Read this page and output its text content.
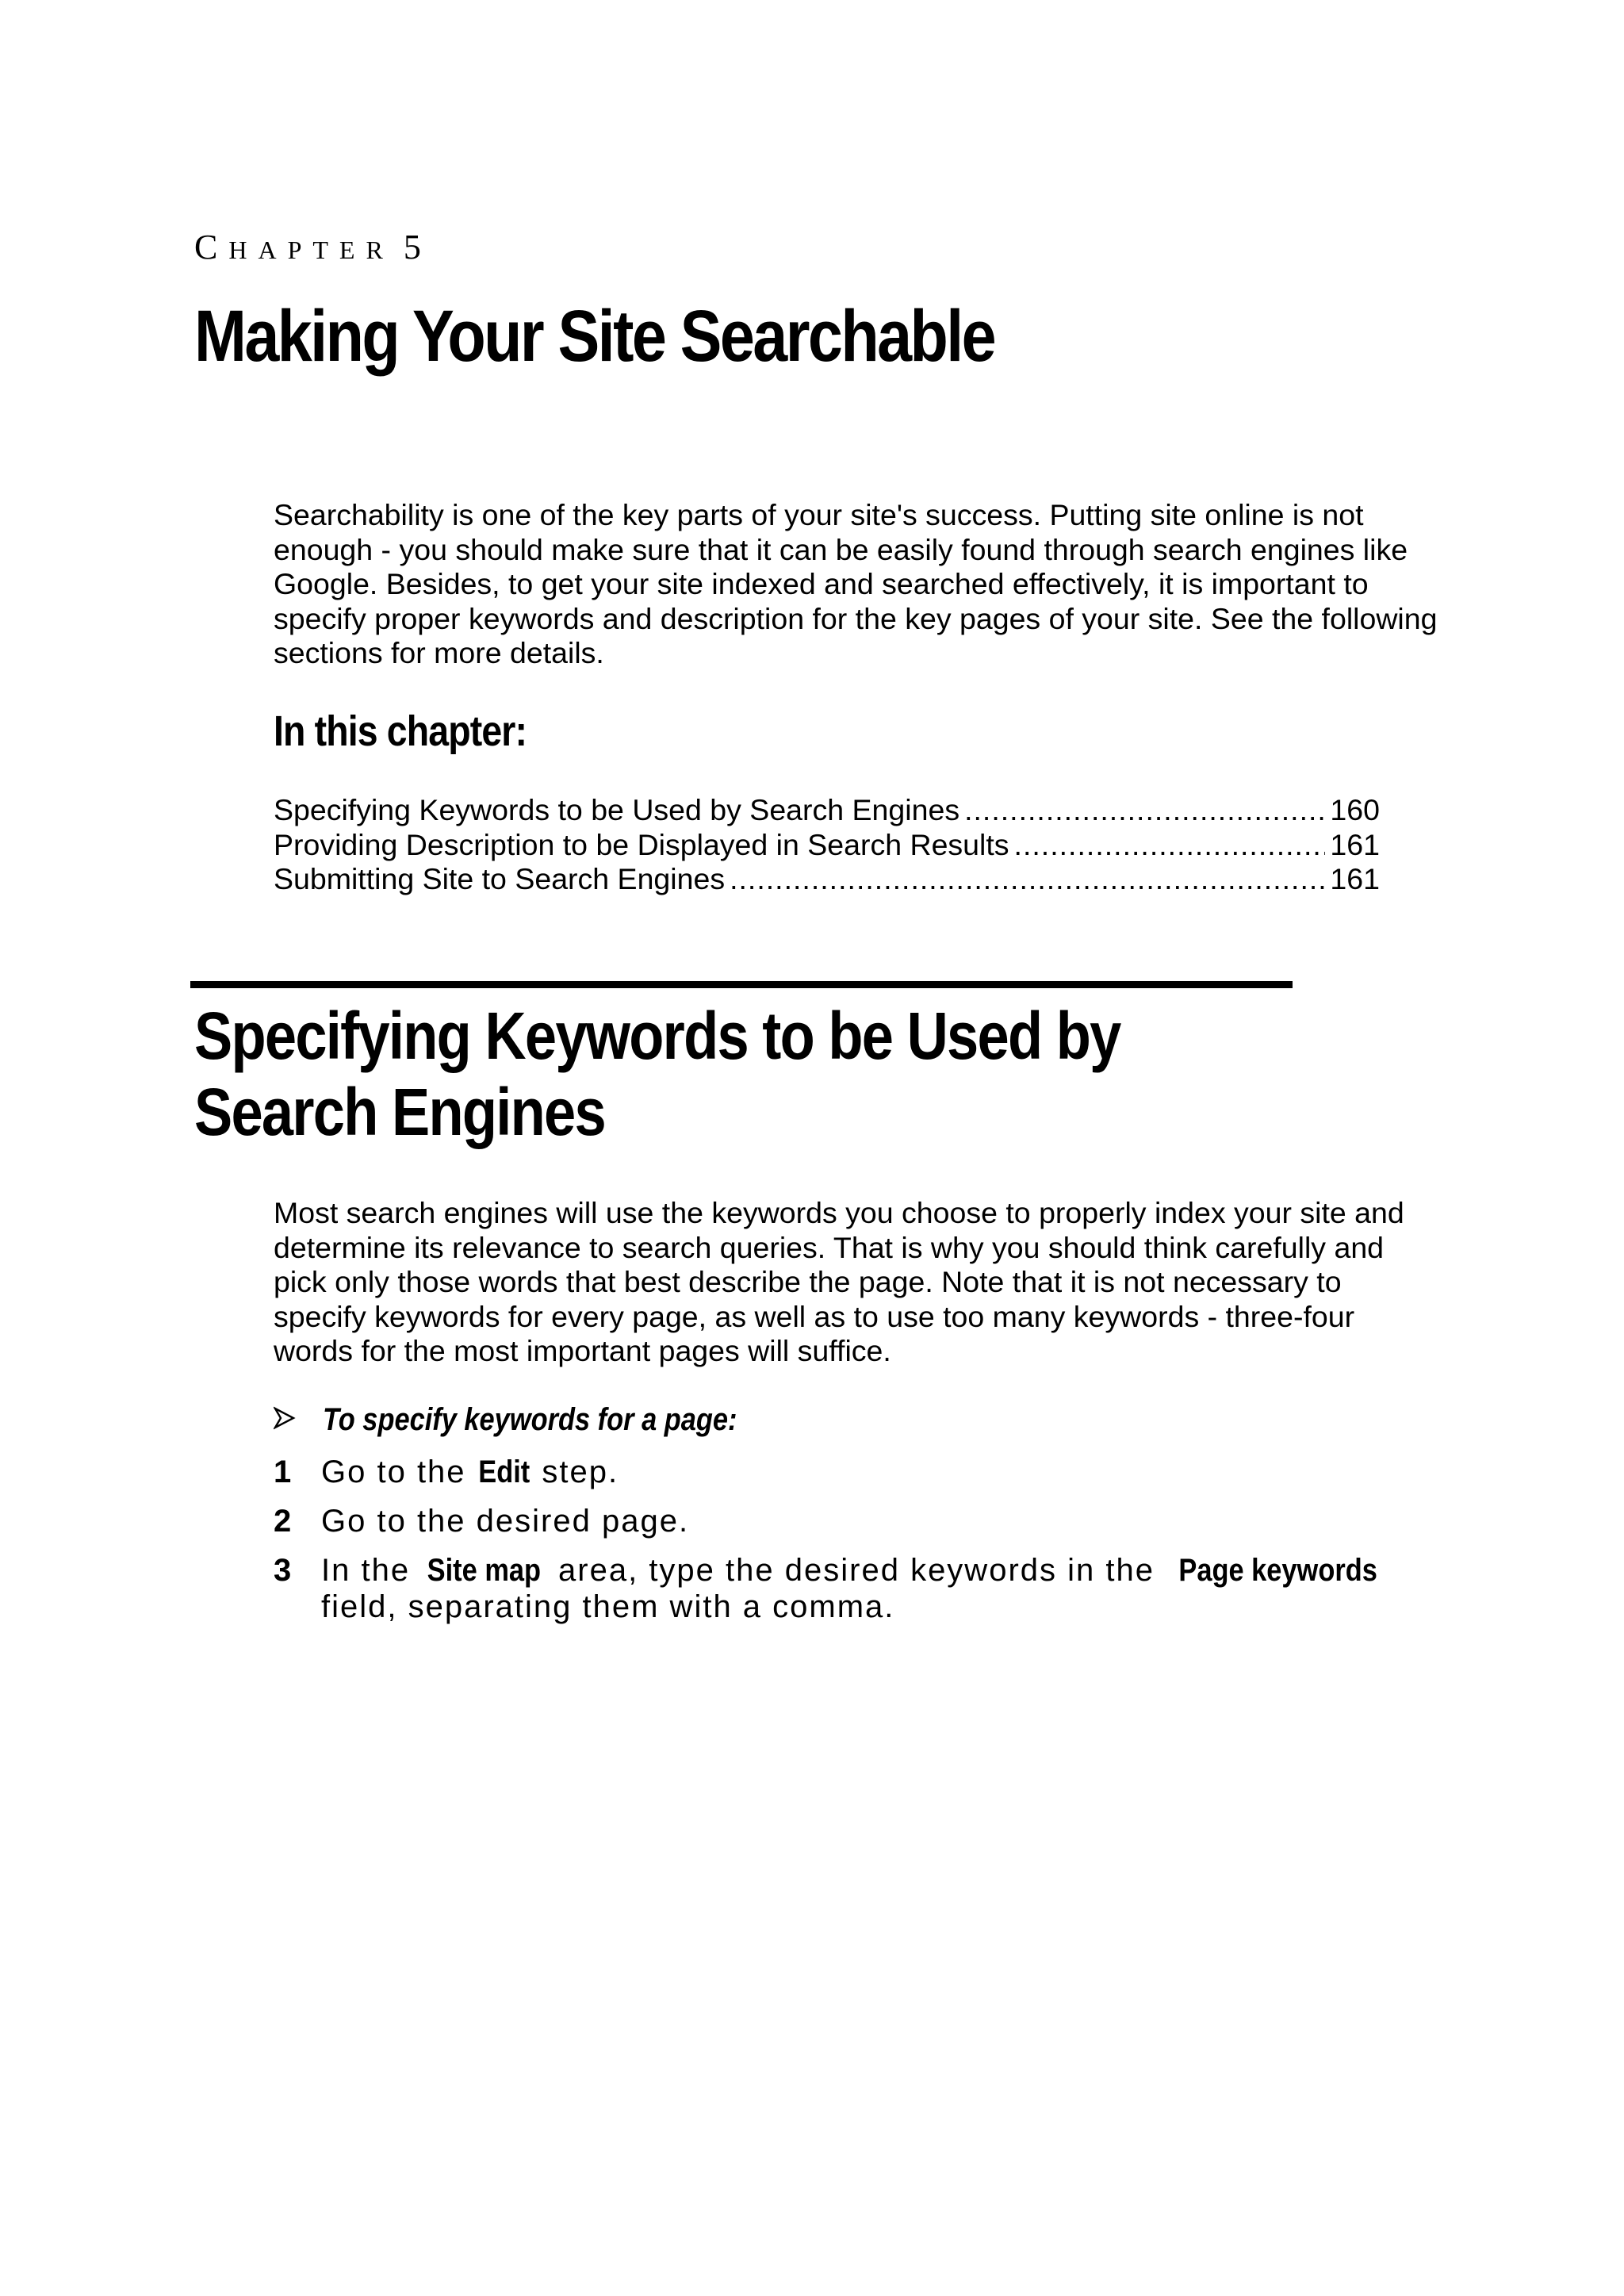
CHAPTER 5
Making Your Site Searchable

Searchability is one of the key parts of your site's success. Putting site online is not enough - you should make sure that it can be easily found through search engines like Google. Besides, to get your site indexed and searched effectively, it is important to specify proper keywords and description for the key pages of your site. See the following sections for more details.

In this chapter:
Specifying Keywords to be Used by Search Engines .....	160
Providing Description to be Displayed in Search Results .....	161
Submitting Site to Search Engines .....	161
Specifying Keywords to be Used by
Search Engines

Most search engines will use the keywords you choose to properly index your site and determine its relevance to search queries. That is why you should think carefully and pick only those words that best describe the page. Note that it is not necessary to specify keywords for every page, as well as to use too many keywords - three-four words for the most important pages will suffice.

To specify keywords for a page:
1 Go to the Edit step.
2 Go to the desired page.
3 In the Site map area, type the desired keywords in the Page keywords field, separating them with a comma.
